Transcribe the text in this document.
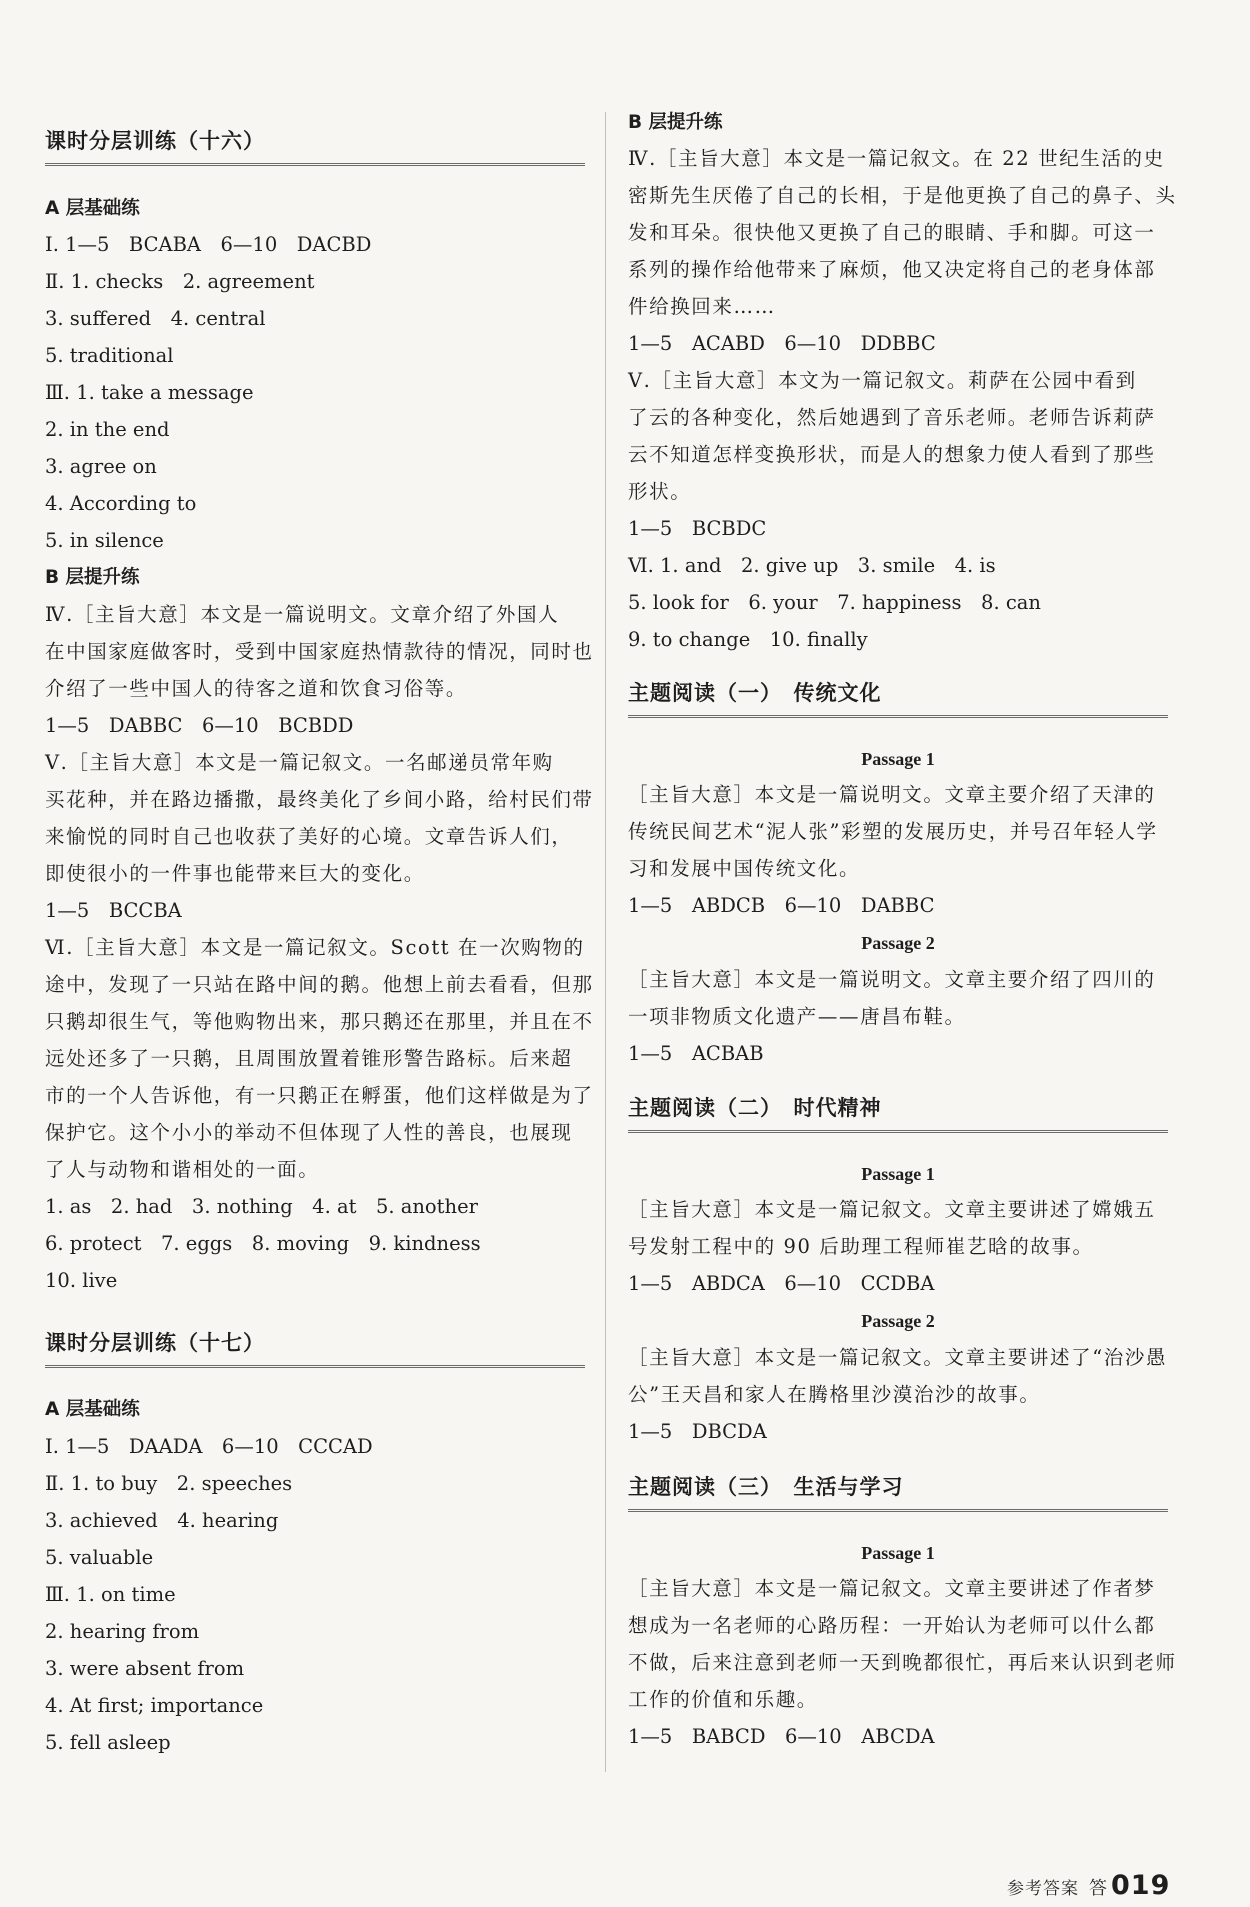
课时分层训练（十六）
A 层基础练
Ⅰ. 1—5　BCABA　6—10　DACBD
Ⅱ. 1. checks　2. agreement
3. suffered　4. central
5. traditional
Ⅲ. 1. take a message
2. in the end
3. agree on
4. According to
5. in silence
B 层提升练
Ⅳ.［主旨大意］本文是一篇说明文。文章介绍了外国人
在中国家庭做客时，受到中国家庭热情款待的情况，同时也
介绍了一些中国人的待客之道和饮食习俗等。
1—5　DABBC　6—10　BCBDD
Ⅴ.［主旨大意］本文是一篇记叙文。一名邮递员常年购
买花种，并在路边播撒，最终美化了乡间小路，给村民们带
来愉悦的同时自己也收获了美好的心境。文章告诉人们，
即使很小的一件事也能带来巨大的变化。
1—5　BCCBA
Ⅵ.［主旨大意］本文是一篇记叙文。Scott 在一次购物的
途中，发现了一只站在路中间的鹅。他想上前去看看，但那
只鹅却很生气，等他购物出来，那只鹅还在那里，并且在不
远处还多了一只鹅，且周围放置着锥形警告路标。后来超
市的一个人告诉他，有一只鹅正在孵蛋，他们这样做是为了
保护它。这个小小的举动不但体现了人性的善良，也展现
了人与动物和谐相处的一面。
1. as　2. had　3. nothing　4. at　5. another
6. protect　7. eggs　8. moving　9. kindness
10. live
课时分层训练（十七）
A 层基础练
Ⅰ. 1—5　DAADA　6—10　CCCAD
Ⅱ. 1. to buy　2. speeches
3. achieved　4. hearing
5. valuable
Ⅲ. 1. on time
2. hearing from
3. were absent from
4. At first; importance
5. fell asleep
B 层提升练
Ⅳ.［主旨大意］本文是一篇记叙文。在 22 世纪生活的史
密斯先生厌倦了自己的长相，于是他更换了自己的鼻子、头
发和耳朵。很快他又更换了自己的眼睛、手和脚。可这一
系列的操作给他带来了麻烦，他又决定将自己的老身体部
件给换回来……
1—5　ACABD　6—10　DDBBC
Ⅴ.［主旨大意］本文为一篇记叙文。莉萨在公园中看到
了云的各种变化，然后她遇到了音乐老师。老师告诉莉萨
云不知道怎样变换形状，而是人的想象力使人看到了那些
形状。
1—5　BCBDC
Ⅵ. 1. and　2. give up　3. smile　4. is
5. look for　6. your　7. happiness　8. can
9. to change　10. finally
主题阅读（一）　传统文化
Passage 1
［主旨大意］本文是一篇说明文。文章主要介绍了天津的
传统民间艺术“泥人张”彩塑的发展历史，并号召年轻人学
习和发展中国传统文化。
1—5　ABDCB　6—10　DABBC
Passage 2
［主旨大意］本文是一篇说明文。文章主要介绍了四川的
一项非物质文化遗产——唐昌布鞋。
1—5　ACBAB
主题阅读（二）　时代精神
Passage 1
［主旨大意］本文是一篇记叙文。文章主要讲述了嫦娥五
号发射工程中的 90 后助理工程师崔艺晗的故事。
1—5　ABDCA　6—10　CCDBA
Passage 2
［主旨大意］本文是一篇记叙文。文章主要讲述了“治沙愚
公”王天昌和家人在腾格里沙漠治沙的故事。
1—5　DBCDA
主题阅读（三）　生活与学习
Passage 1
［主旨大意］本文是一篇记叙文。文章主要讲述了作者梦
想成为一名老师的心路历程：一开始认为老师可以什么都
不做，后来注意到老师一天到晚都很忙，再后来认识到老师
工作的价值和乐趣。
1—5　BABCD　6—10　ABCDA
参考答案 答 019
